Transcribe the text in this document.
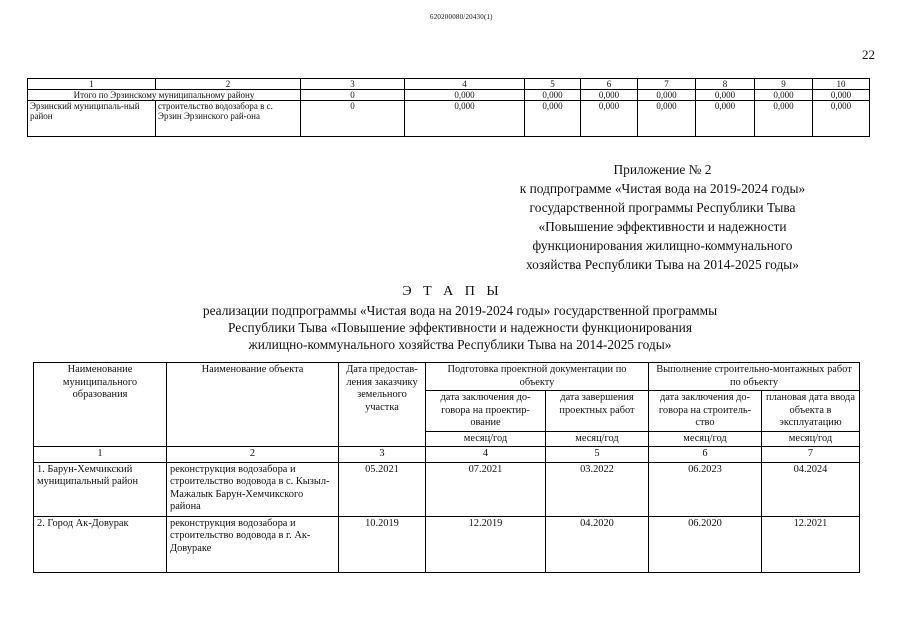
620200080/20430(1)
22
1	2	3	4	5	6	7	8	9	10
Итого по Эрзинскому муниципальному району		0	0,000	0,000	0,000	0,000	0,000	0,000	0,000
Эрзинский муниципаль-ный район	строительство водозабора в с. Эрзин Эрзинского рай-она	0	0,000	0,000	0,000	0,000	0,000	0,000	0,000
Приложение № 2
к подпрограмме «Чистая вода на 2019-2024 годы»
государственной программы Республики Тыва
«Повышение эффективности и надежности
функционирования жилищно-коммунального
хозяйства Республики Тыва на 2014-2025 годы»
Э Т А П Ы
реализации подпрограммы «Чистая вода на 2019-2024 годы» государственной программы
Республики Тыва «Повышение эффективности и надежности функционирования
жилищно-коммунального хозяйства Республики Тыва на 2014-2025 годы»
Наименование муниципального образования	Наименование объекта	Дата предостав-ления заказчику земельного участка	Подготовка проектной документации по объекту		Выполнение строительно-монтажных работ по объекту	
			дата заключения до-говора на проектир-ование	дата завершения проектных работ	дата заключения до-говора на строитель-ство	плановая дата ввода объекта в эксплуатацию
			месяц/год	месяц/год	месяц/год	месяц/год
1	2	3	4	5	6	7
1. Барун-Хемчикский муниципальный район	реконструкция водозабора и строительство водовода в с. Кызыл-Мажалык Барун-Хемчикского района	05.2021	07.2021	03.2022	06.2023	04.2024
2. Город Ак-Довурак	реконструкция водозабора и строительство водовода в г. Ак-Довураке	10.2019	12.2019	04.2020	06.2020	12.2021
